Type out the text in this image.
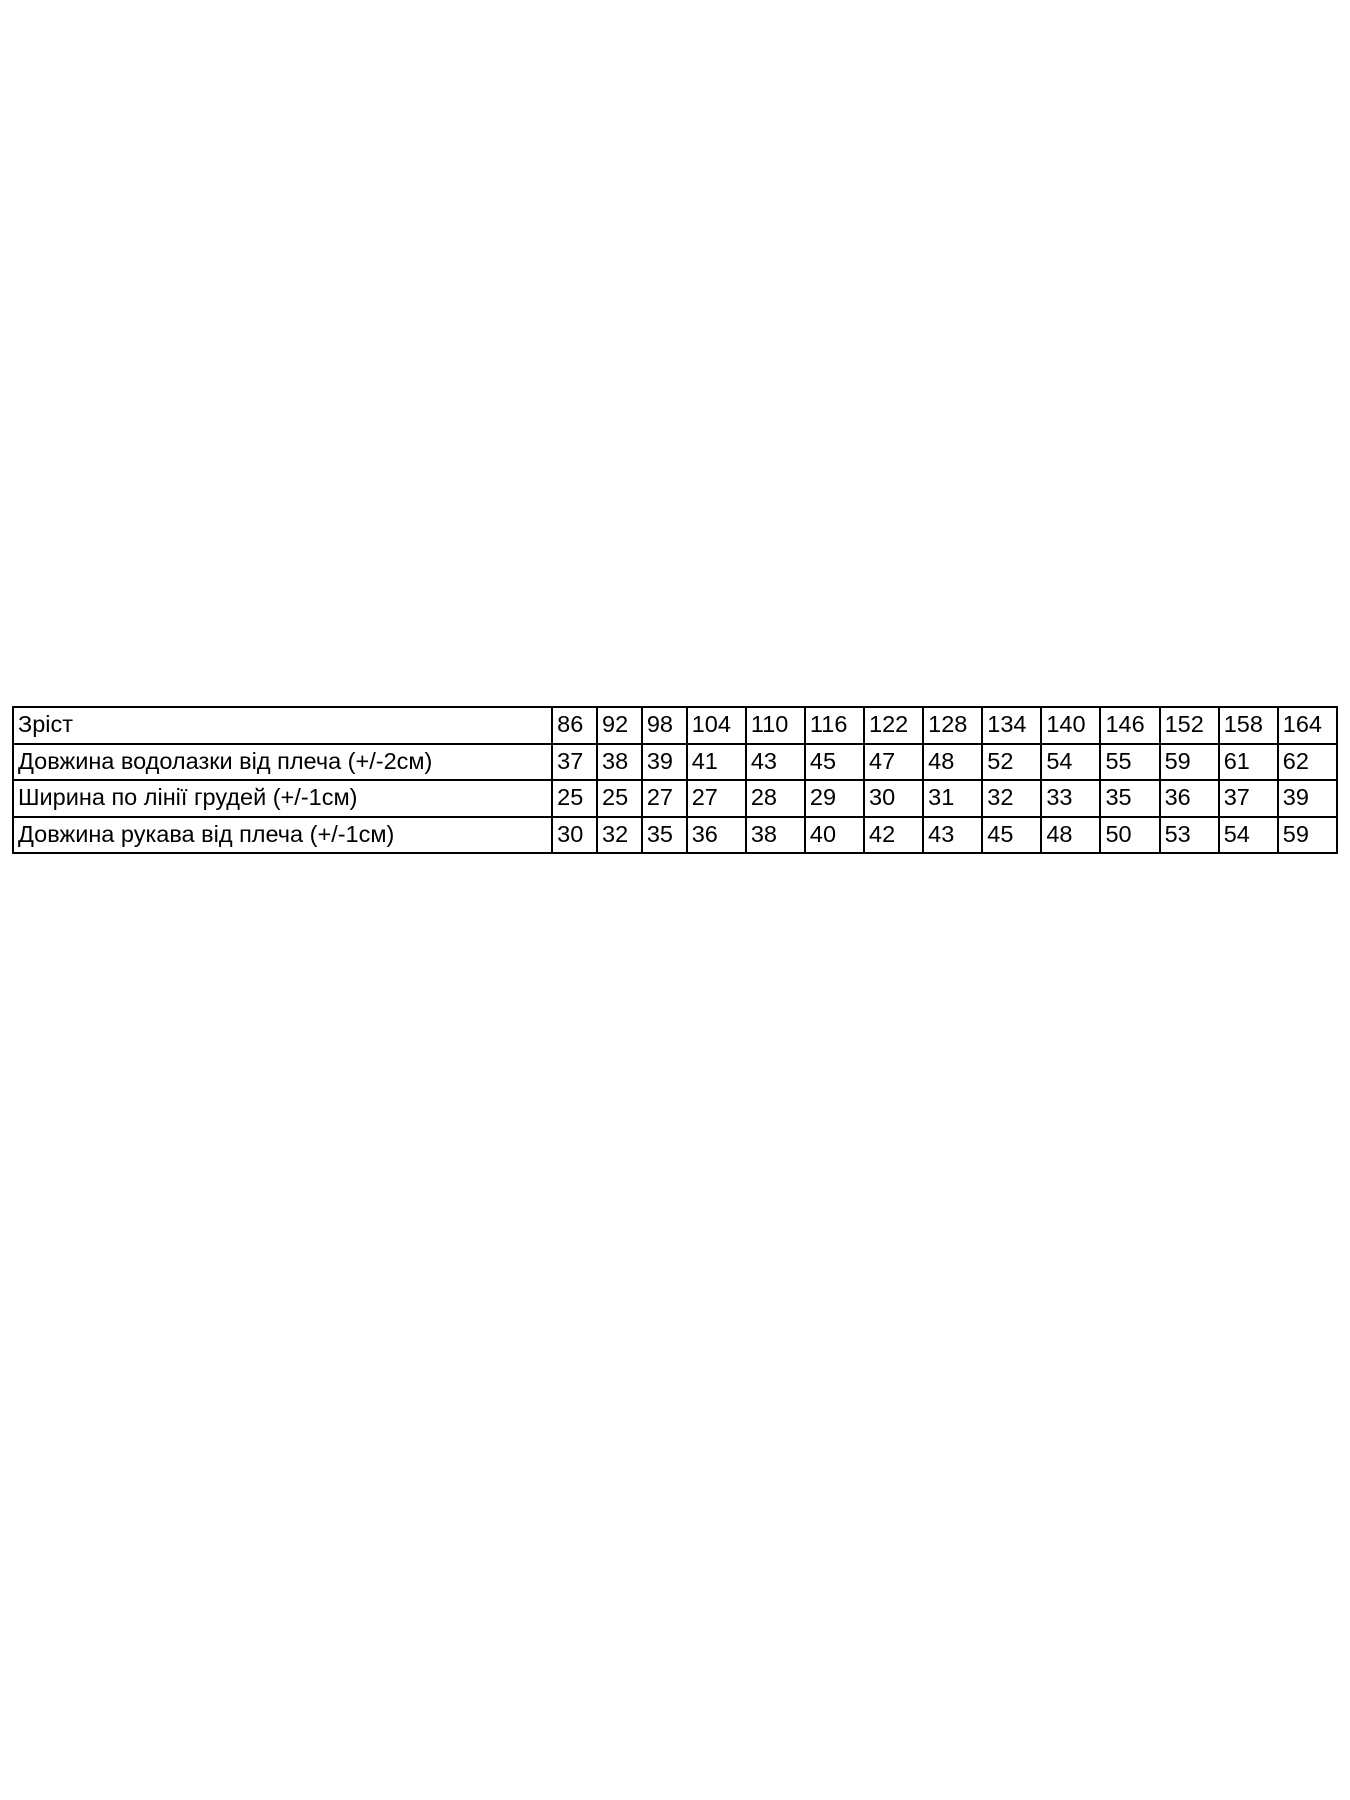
Зріст	86	92	98	104	110	116	122	128	134	140	146	152	158	164
Довжина водолазки від плеча (+/-2см)	37	38	39	41	43	45	47	48	52	54	55	59	61	62
Ширина по лінії грудей (+/-1см)	25	25	27	27	28	29	30	31	32	33	35	36	37	39
Довжина рукава від плеча (+/-1см)	30	32	35	36	38	40	42	43	45	48	50	53	54	59
